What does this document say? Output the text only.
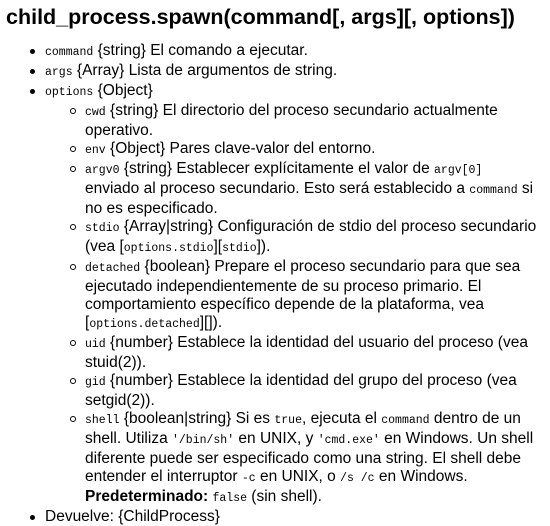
child_process.spawn(command[, args][, options])
command {string} El comando a ejecutar.
args {Array} Lista de argumentos de string.
options {Object}
cwd {string} El directorio del proceso secundario actualmente operativo.
env {Object} Pares clave-valor del entorno.
argv0 {string} Establecer explícitamente el valor de argv[0] enviado al proceso secundario. Esto será establecido a command si no es especificado.
stdio {Array|string} Configuración de stdio del proceso secundario (vea [options.stdio][stdio]).
detached {boolean} Prepare el proceso secundario para que sea ejecutado independientemente de su proceso primario. El comportamiento específico depende de la plataforma, vea [options.detached][]).
uid {number} Establece la identidad del usuario del proceso (vea stuid(2)).
gid {number} Establece la identidad del grupo del proceso (vea setgid(2)).
shell {boolean|string} Si es true, ejecuta el command dentro de un shell. Utiliza '/bin/sh' en UNIX, y 'cmd.exe' en Windows. Un shell diferente puede ser especificado como una string. El shell debe entender el interruptor -c en UNIX, o /s /c en Windows. Predeterminado: false (sin shell).
Devuelve: {ChildProcess}
